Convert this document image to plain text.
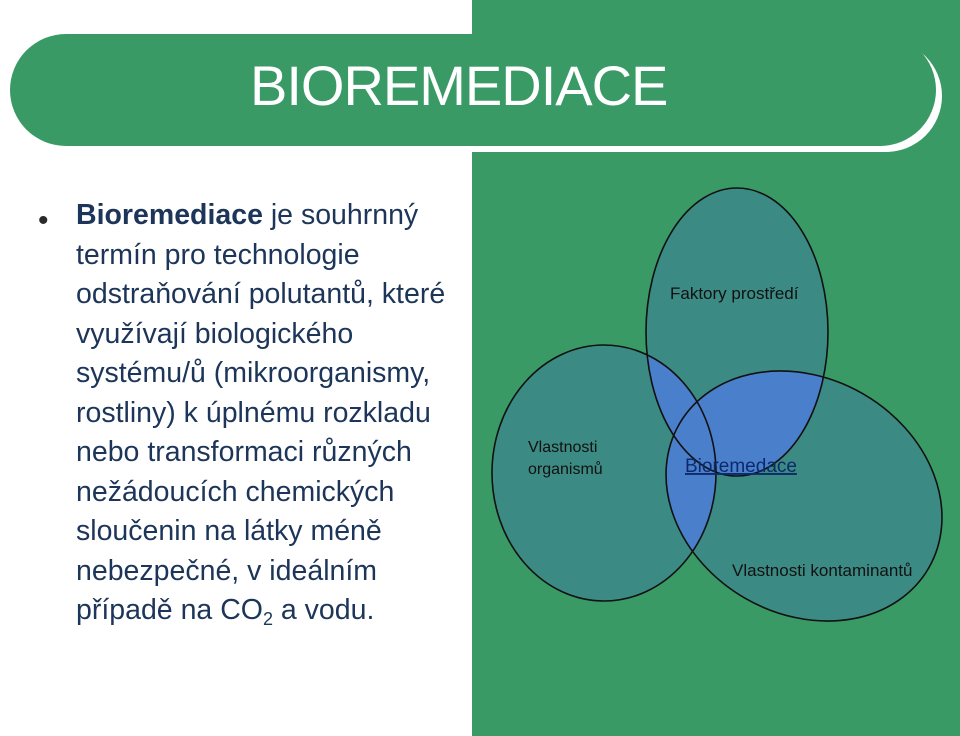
BIOREMEDIACE
• Bioremediace je souhrnný termín pro technologie odstraňování polutantů, které využívají biologického systému/ů (mikroorganismy, rostliny) k úplnému rozkladu nebo transformaci různých nežádoucích chemických sloučenin na látky méně nebezpečné, v ideálním případě na $CO_2$ a vodu.
Faktory prostředí
Vlastnosti
organismů	Bioremedace
Vlastnosti kontaminantů
